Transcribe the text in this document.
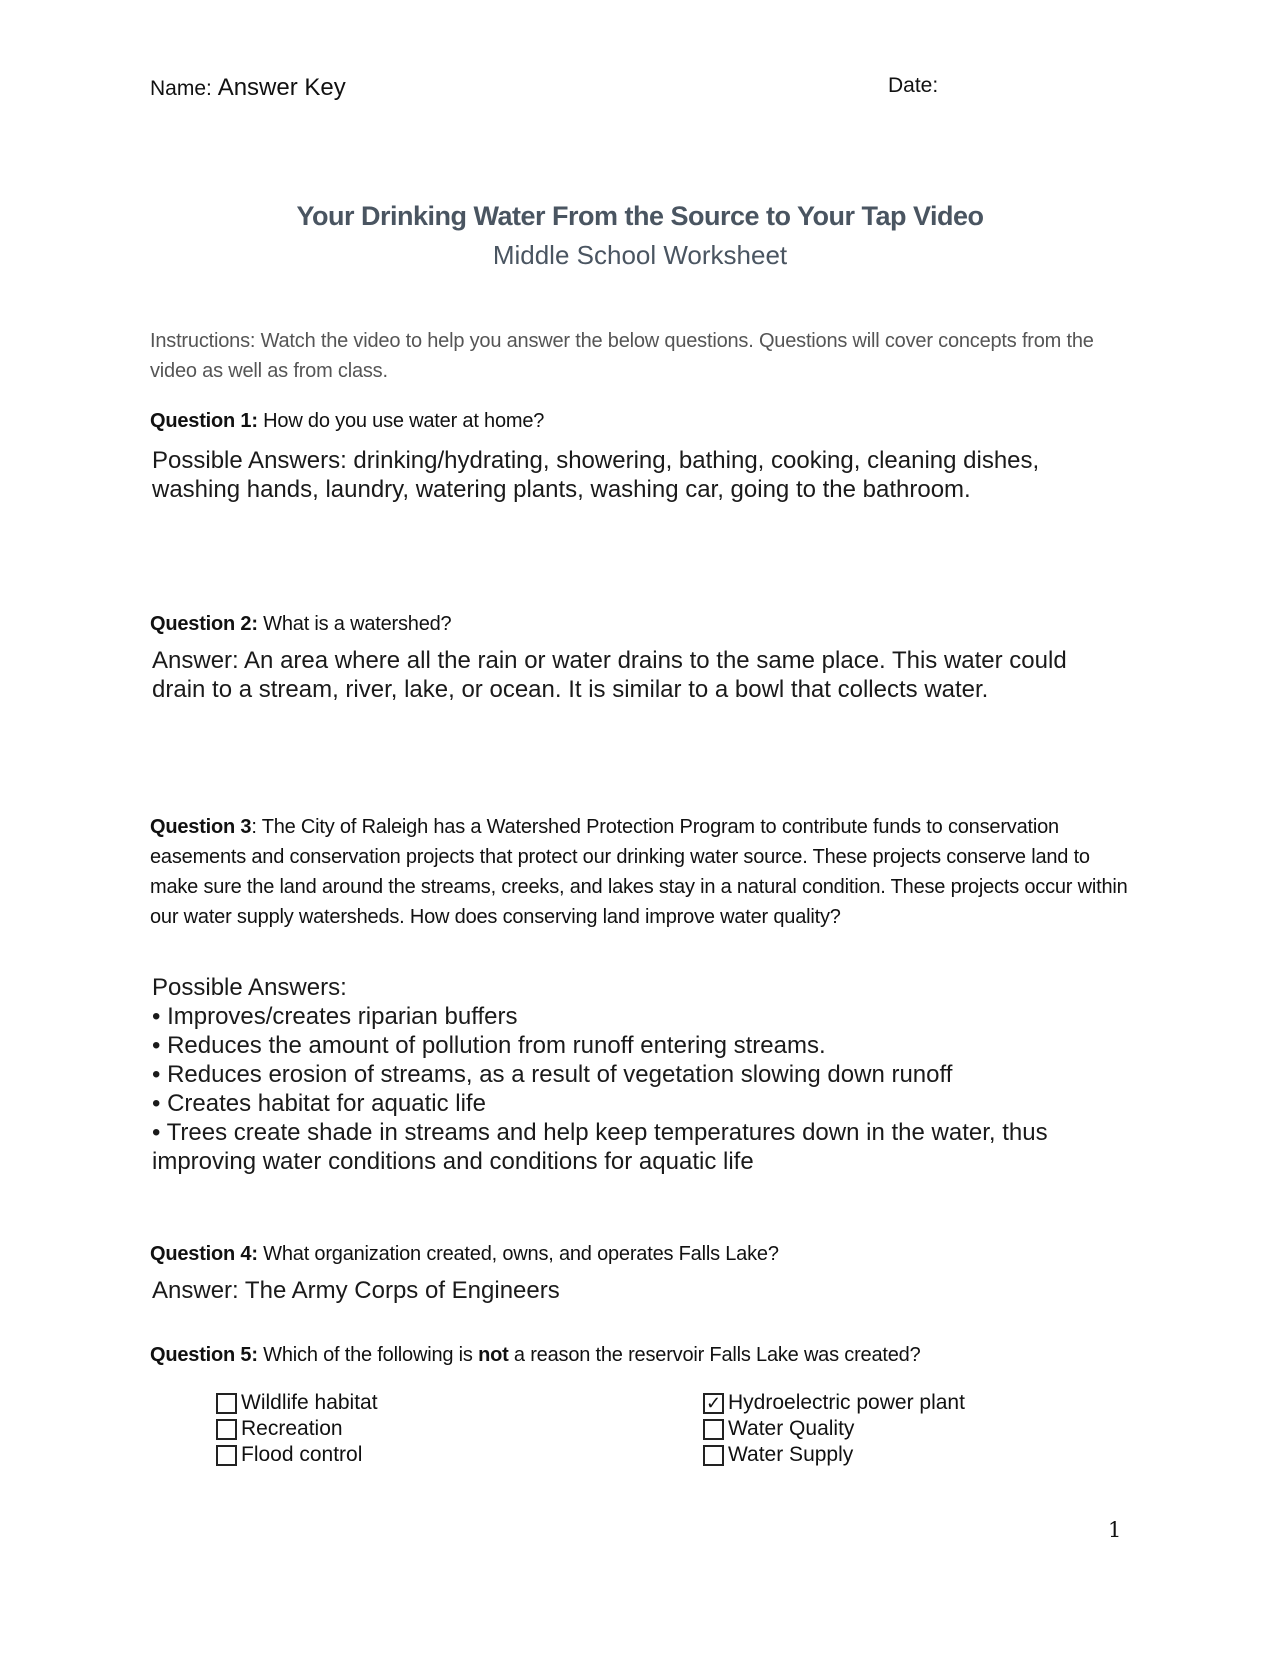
Name: Answer Key	Date:
Your Drinking Water From the Source to Your Tap Video
Middle School Worksheet
Instructions: Watch the video to help you answer the below questions. Questions will cover concepts from the video as well as from class.
Question 1: How do you use water at home?
Possible Answers: drinking/hydrating, showering, bathing, cooking, cleaning dishes,
washing hands, laundry, watering plants, washing car, going to the bathroom.
Question 2: What is a watershed?
Answer: An area where all the rain or water drains to the same place. This water could
drain to a stream, river, lake, or ocean. It is similar to a bowl that collects water.
Question 3: The City of Raleigh has a Watershed Protection Program to contribute funds to conservation easements and conservation projects that protect our drinking water source. These projects conserve land to make sure the land around the streams, creeks, and lakes stay in a natural condition. These projects occur within our water supply watersheds. How does conserving land improve water quality?
Possible Answers:
• Improves/creates riparian buffers
• Reduces the amount of pollution from runoff entering streams.
• Reduces erosion of streams, as a result of vegetation slowing down runoff
• Creates habitat for aquatic life
• Trees create shade in streams and help keep temperatures down in the water, thus
improving water conditions and conditions for aquatic life
Question 4: What organization created, owns, and operates Falls Lake?
Answer: The Army Corps of Engineers
Question 5: Which of the following is not a reason the reservoir Falls Lake was created?
Wildlife habitat
Recreation
Flood control
✓ Hydroelectric power plant
Water Quality
Water Supply
1
